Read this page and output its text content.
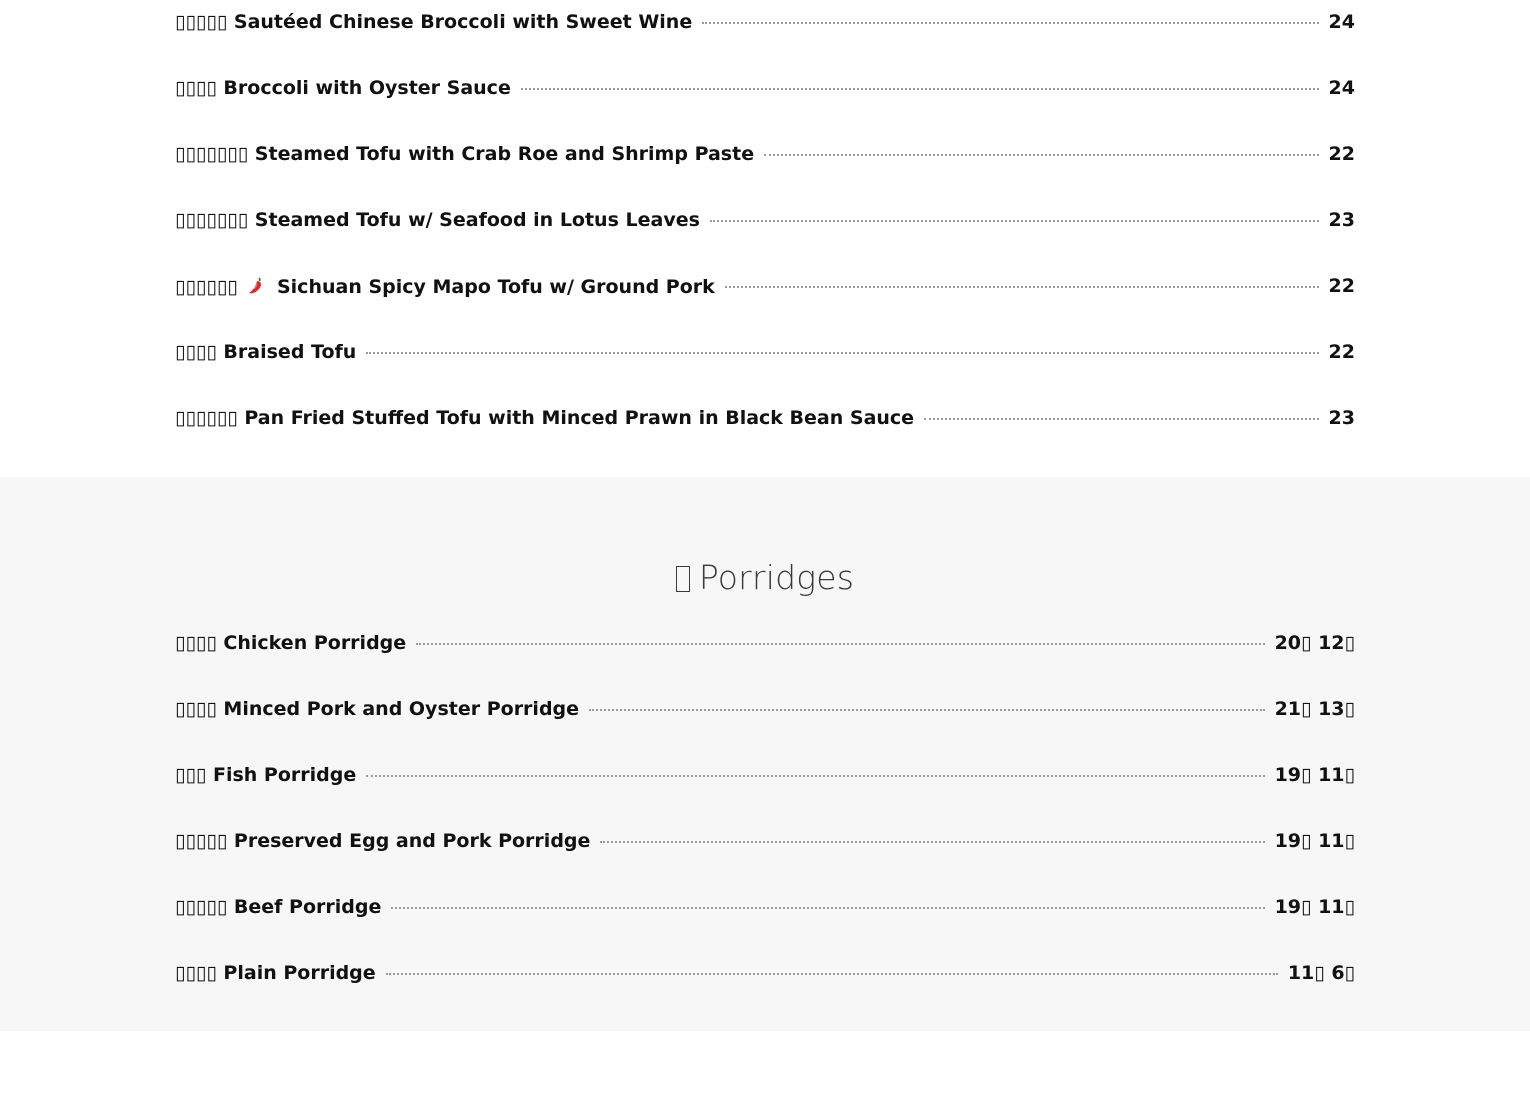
▯▯▯▯▯ Sautéed Chinese Broccoli with Sweet Wine	24
▯▯▯▯ Broccoli with Oyster Sauce	24
▯▯▯▯▯▯▯ Steamed Tofu with Crab Roe and Shrimp Paste	22
▯▯▯▯▯▯▯ Steamed Tofu w/ Seafood in Lotus Leaves	23
▯▯▯▯▯▯ Sichuan Spicy Mapo Tofu w/ Ground Pork	22
▯▯▯▯ Braised Tofu	22
▯▯▯▯▯▯ Pan Fried Stuffed Tofu with Minced Prawn in Black Bean Sauce	23
Porridges
▯▯▯▯ Chicken Porridge	20▯ 12▯
▯▯▯▯ Minced Pork and Oyster Porridge	21▯ 13▯
▯▯▯ Fish Porridge	19▯ 11▯
▯▯▯▯▯ Preserved Egg and Pork Porridge	19▯ 11▯
▯▯▯▯▯ Beef Porridge	19▯ 11▯
▯▯▯▯ Plain Porridge	11▯ 6▯
